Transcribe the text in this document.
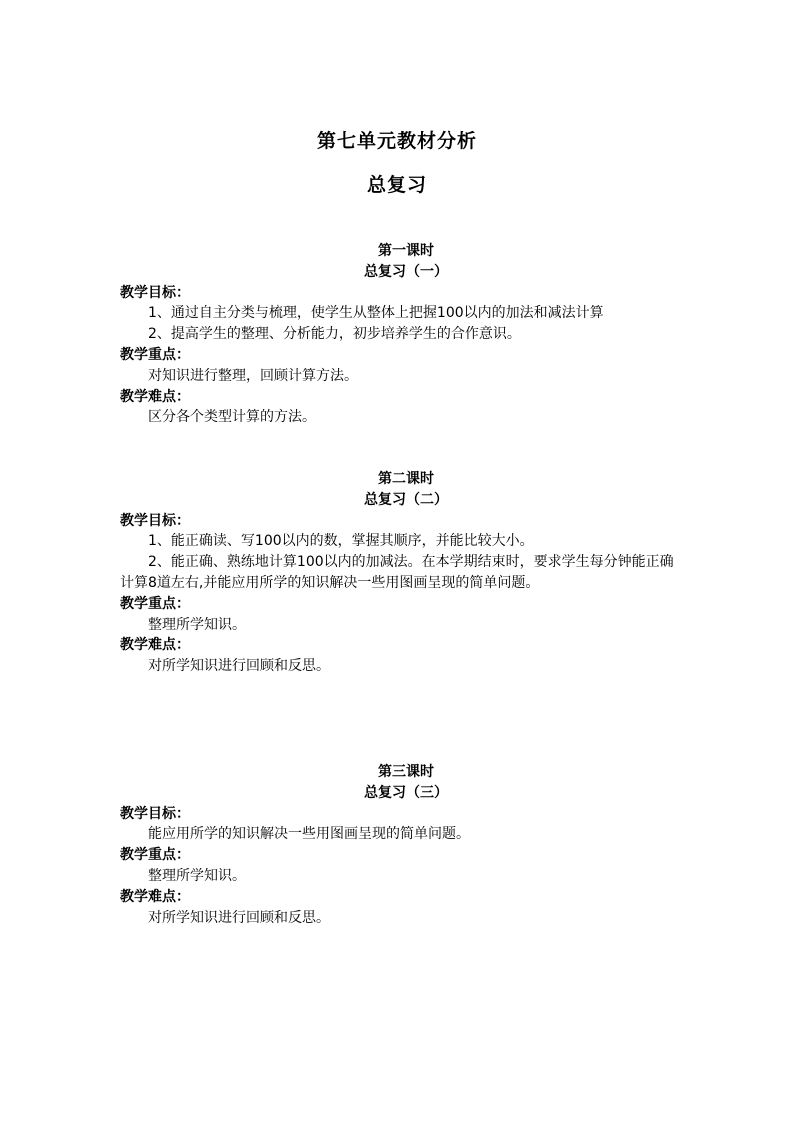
第七单元教材分析
总复习
第一课时
总复习（一）
教学目标：
1、通过自主分类与梳理，使学生从整体上把握100以内的加法和减法计算
2、提高学生的整理、分析能力，初步培养学生的合作意识。
教学重点：
对知识进行整理，回顾计算方法。
教学难点：
区分各个类型计算的方法。
第二课时
总复习（二）
教学目标：
1、能正确读、写100以内的数，掌握其顺序，并能比较大小。
2、能正确、熟练地计算100以内的加减法。在本学期结束时，要求学生每分钟能正确计算8道左右,并能应用所学的知识解决一些用图画呈现的简单问题。
教学重点：
整理所学知识。
教学难点：
对所学知识进行回顾和反思。
第三课时
总复习（三）
教学目标：
能应用所学的知识解决一些用图画呈现的简单问题。
教学重点：
整理所学知识。
教学难点：
对所学知识进行回顾和反思。
